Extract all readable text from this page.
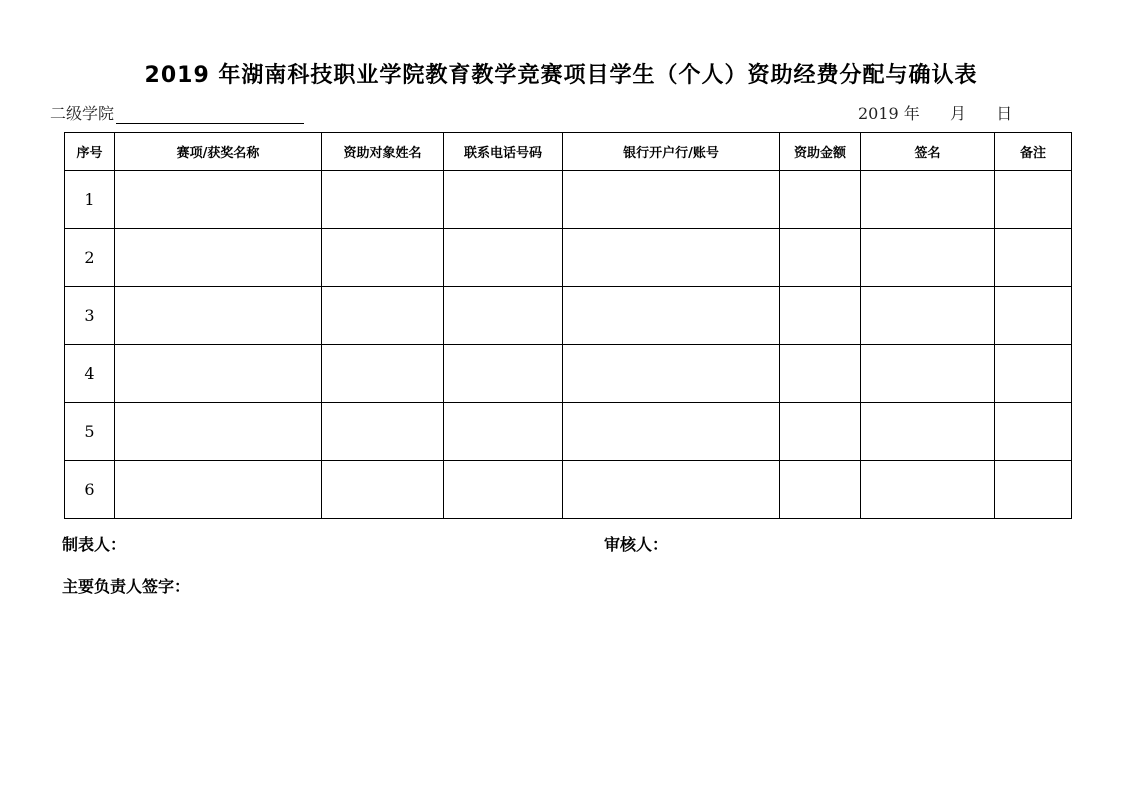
2019 年湖南科技职业学院教育教学竞赛项目学生（个人）资助经费分配与确认表
二级学院	2019 年 月 日
序号	赛项/获奖名称	资助对象姓名	联系电话号码	银行开户行/账号	资助金额	签名	备注
1							
2							
3							
4							
5							
6							
制表人：	审核人：
主要负责人签字：
